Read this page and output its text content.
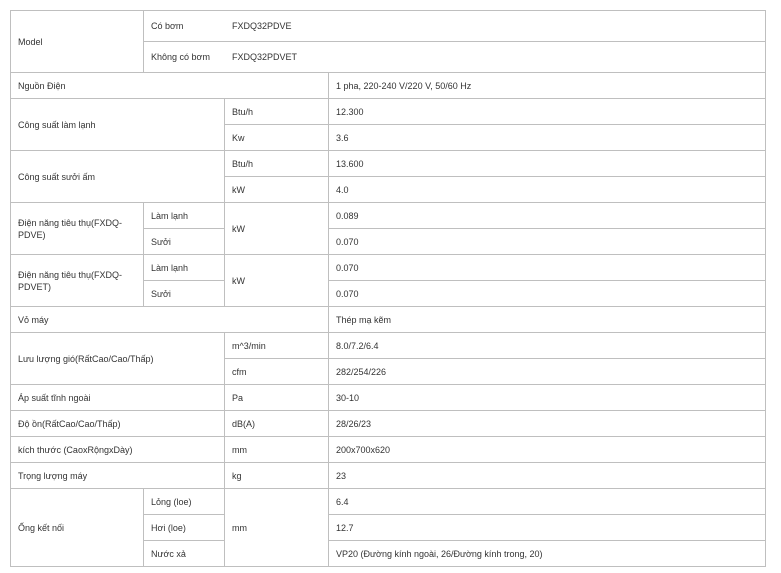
Model	Có bơm FXDQ32PDVE		
	Không có bơm FXDQ32PDVET		
Nguồn Điện			1 pha, 220-240 V/220 V, 50/60 Hz
Công suất làm lạnh		Btu/h	12.300
		Kw	3.6
Công suất sưởi ấm		Btu/h	13.600
		kW	4.0
Điện năng tiêu thụ(FXDQ-PDVE)	Làm lạnh	kW	0.089
	Sưởi		0.070
Điện năng tiêu thụ(FXDQ-PDVET)	Làm lạnh	kW	0.070
	Sưởi		0.070
Vỏ máy			Thép mạ kẽm
Lưu lượng gió(RấtCao/Cao/Thấp)		m^3/min	8.0/7.2/6.4
		cfm	282/254/226
Áp suất tĩnh ngoài		Pa	30-10
Độ ồn(RấtCao/Cao/Thấp)		dB(A)	28/26/23
kích thước (CaoxRộngxDày)		mm	200x700x620
Trọng lượng máy		kg	23
Ống kết nối	Lỏng (loe)	mm	6.4
	Hơi (loe)		12.7
	Nước xả		VP20 (Đường kính ngoài, 26/Đường kính trong, 20)
